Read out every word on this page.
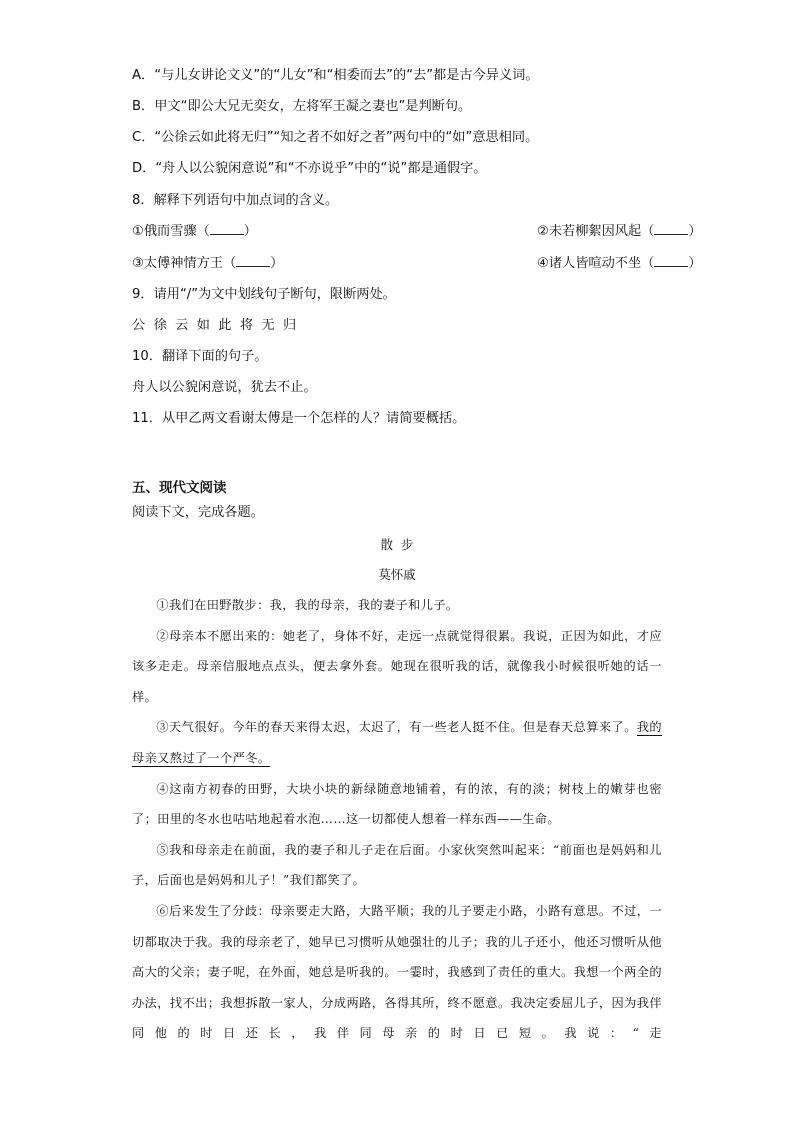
A．“与儿女讲论文义”的“儿女”和“相委而去”的“去”都是古今异义词。
B．甲文“即公大兄无奕女，左将军王凝之妻也”是判断句。
C．“公徐云如此将无归”“知之者不如好之者”两句中的“如”意思相同。
D．“舟人以公貌闲意说”和“不亦说乎”中的“说”都是通假字。
8．解释下列语句中加点词的含义。
①俄而雪骤（	）	②未若柳絮因风起（	）
③太傅神情方王（	）	④诸人皆喧动不坐（	）
9．请用“/”为文中划线句子断句，限断两处。
公  徐  云  如  此  将  无  归
10．翻译下面的句子。
舟人以公貌闲意说，犹去不止。
11．从甲乙两文看谢太傅是一个怎样的人？请简要概括。
五、现代文阅读
阅读下文，完成各题。
散  步
莫怀戚

①我们在田野散步：我，我的母亲，我的妻子和儿子。

②母亲本不愿出来的：她老了，身体不好，走远一点就觉得很累。我说，正因为如此，才应该多走走。母亲信服地点点头，便去拿外套。她现在很听我的话，就像我小时候很听她的话一样。

③天气很好。今年的春天来得太迟，太迟了，有一些老人挺不住。但是春天总算来了。我的母亲又熬过了一个严冬。

④这南方初春的田野，大块小块的新绿随意地铺着，有的浓，有的淡；树枝上的嫩芽也密了；田里的冬水也咕咕地起着水泡……这一切都使人想着一样东西——生命。

⑤我和母亲走在前面，我的妻子和儿子走在后面。小家伙突然叫起来：“前面也是妈妈和儿子，后面也是妈妈和儿子！”我们都笑了。

⑥后来发生了分歧：母亲要走大路，大路平顺；我的儿子要走小路，小路有意思。不过，一切都取决于我。我的母亲老了，她早已习惯听从她强壮的儿子；我的儿子还小，他还习惯听从他高大的父亲；妻子呢，在外面，她总是听我的。一霎时，我感到了责任的重大。我想一个两全的办法，找不出；我想拆散一家人，分成两路，各得其所，终不愿意。我决定委屈儿子，因为我伴同他的时日还长，我伴同母亲的时日已短。我说：“走
